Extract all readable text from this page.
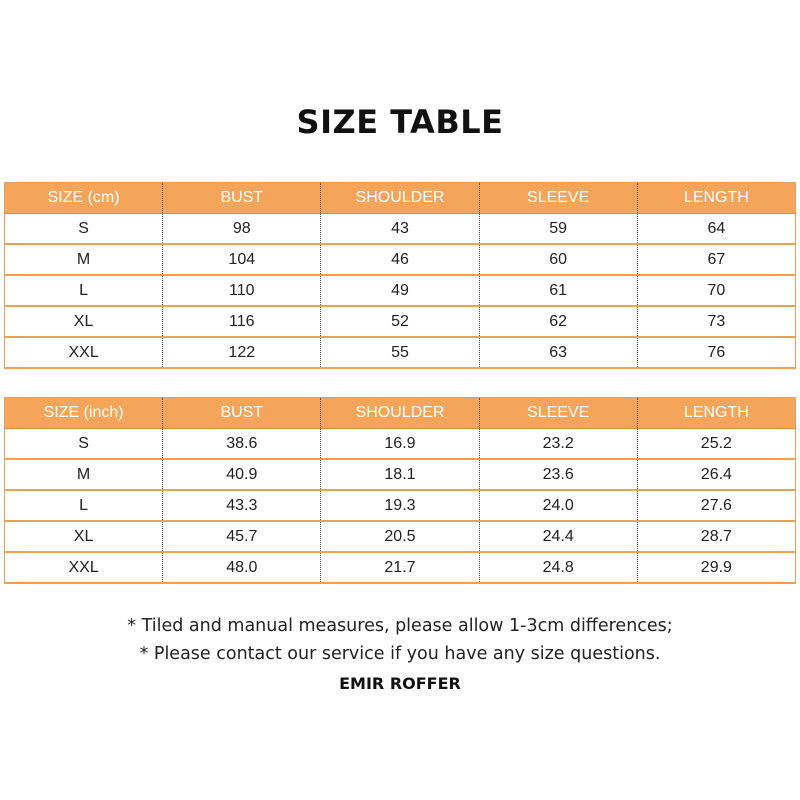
SIZE TABLE
SIZE (cm)	BUST	SHOULDER	SLEEVE	LENGTH
S	98	43	59	64
M	104	46	60	67
L	110	49	61	70
XL	116	52	62	73
XXL	122	55	63	76
SIZE (inch)	BUST	SHOULDER	SLEEVE	LENGTH
S	38.6	16.9	23.2	25.2
M	40.9	18.1	23.6	26.4
L	43.3	19.3	24.0	27.6
XL	45.7	20.5	24.4	28.7
XXL	48.0	21.7	24.8	29.9
* Tiled and manual measures, please allow 1-3cm differences;
* Please contact our service if you have any size questions.
EMIR ROFFER
